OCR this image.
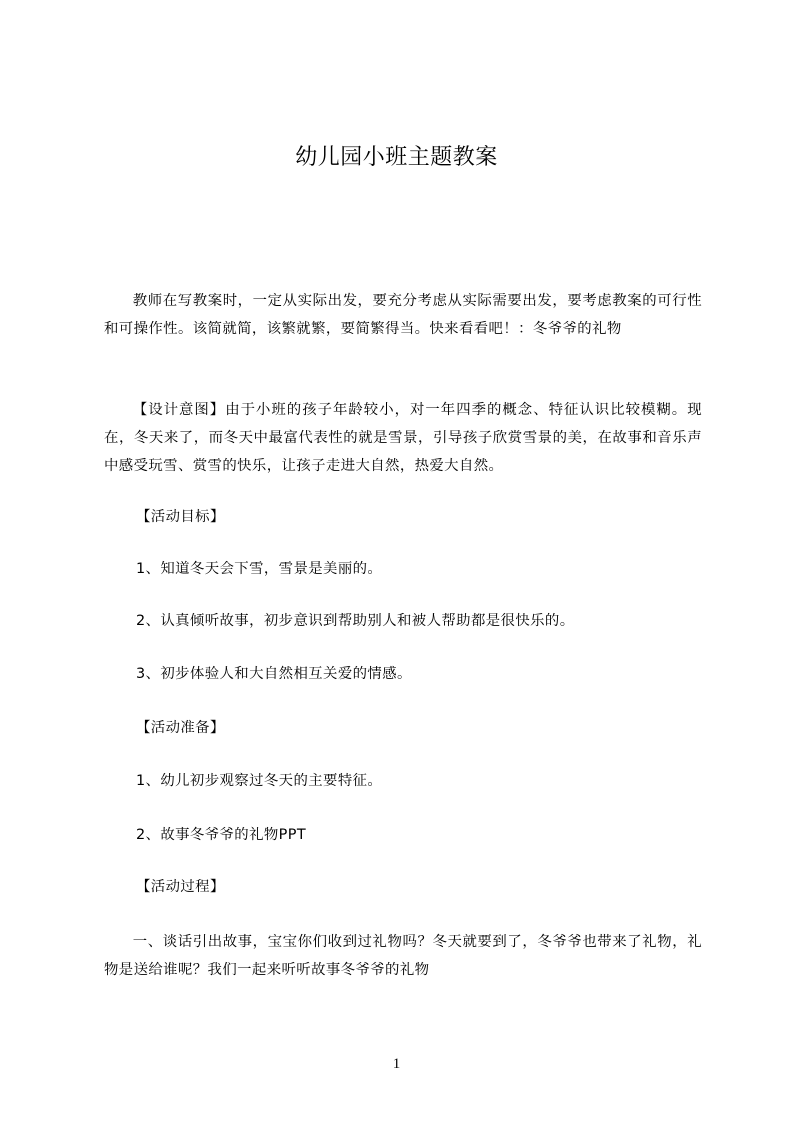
幼儿园小班主题教案

教师在写教案时，一定从实际出发，要充分考虑从实际需要出发，要考虑教案的可行性和可操作性。该简就简，该繁就繁，要简繁得当。快来看看吧！：冬爷爷的礼物

【设计意图】由于小班的孩子年龄较小，对一年四季的概念、特征认识比较模糊。现在，冬天来了，而冬天中最富代表性的就是雪景，引导孩子欣赏雪景的美，在故事和音乐声中感受玩雪、赏雪的快乐，让孩子走进大自然，热爱大自然。

【活动目标】

1、知道冬天会下雪，雪景是美丽的。

2、认真倾听故事，初步意识到帮助别人和被人帮助都是很快乐的。

3、初步体验人和大自然相互关爱的情感。

【活动准备】

1、幼儿初步观察过冬天的主要特征。

2、故事冬爷爷的礼物PPT

【活动过程】

一、谈话引出故事，宝宝你们收到过礼物吗？冬天就要到了，冬爷爷也带来了礼物，礼物是送给谁呢？我们一起来听听故事冬爷爷的礼物

1
